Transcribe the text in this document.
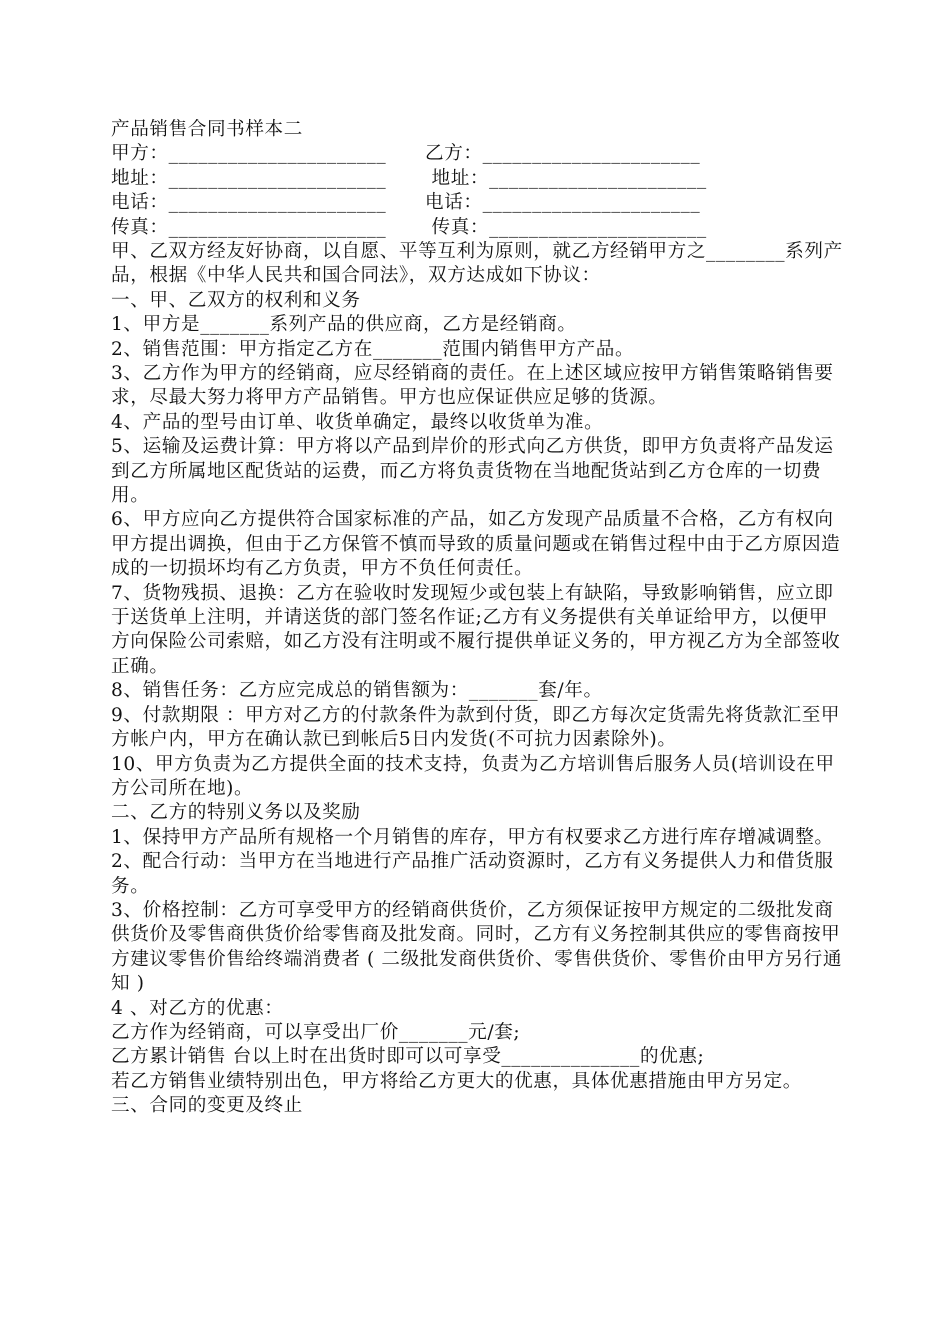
产品销售合同书样本二

甲方：______________________ 乙方：______________________
地址：______________________ 地址：______________________
电话：______________________ 电话：______________________
传真：______________________ 传真：______________________

甲、乙双方经友好协商，以自愿、平等互利为原则，就乙方经销甲方之________系列产品，根据《中华人民共和国合同法》，双方达成如下协议：

一、甲、乙双方的权利和义务

1、甲方是_______系列产品的供应商，乙方是经销商。

2、销售范围：甲方指定乙方在_______范围内销售甲方产品。

3、乙方作为甲方的经销商，应尽经销商的责任。在上述区域应按甲方销售策略销售要求，尽最大努力将甲方产品销售。甲方也应保证供应足够的货源。

4、产品的型号由订单、收货单确定，最终以收货单为准。

5、运输及运费计算：甲方将以产品到岸价的形式向乙方供货，即甲方负责将产品发运到乙方所属地区配货站的运费，而乙方将负责货物在当地配货站到乙方仓库的一切费用。

6、甲方应向乙方提供符合国家标准的产品，如乙方发现产品质量不合格，乙方有权向甲方提出调换，但由于乙方保管不慎而导致的质量问题或在销售过程中由于乙方原因造成的一切损坏均有乙方负责，甲方不负任何责任。

7、货物残损、退换：乙方在验收时发现短少或包装上有缺陷，导致影响销售，应立即于送货单上注明，并请送货的部门签名作证;乙方有义务提供有关单证给甲方，以便甲方向保险公司索赔，如乙方没有注明或不履行提供单证义务的，甲方视乙方为全部签收正确。

8、销售任务：乙方应完成总的销售额为：_______套/年。

9、付款期限 ：甲方对乙方的付款条件为款到付货，即乙方每次定货需先将货款汇至甲方帐户内，甲方在确认款已到帐后5日内发货(不可抗力因素除外)。

10、甲方负责为乙方提供全面的技术支持，负责为乙方培训售后服务人员(培训设在甲方公司所在地)。

二、乙方的特别义务以及奖励

1、保持甲方产品所有规格一个月销售的库存，甲方有权要求乙方进行库存增减调整。

2、配合行动：当甲方在当地进行产品推广活动资源时，乙方有义务提供人力和借货服务。

3、价格控制：乙方可享受甲方的经销商供货价，乙方须保证按甲方规定的二级批发商供货价及零售商供货价给零售商及批发商。同时，乙方有义务控制其供应的零售商按甲方建议零售价售给终端消费者 ( 二级批发商供货价、零售供货价、零售价由甲方另行通知 )

4 、对乙方的优惠：

乙方作为经销商，可以享受出厂价_______元/套;

乙方累计销售 台以上时在出货时即可以可享受______________的优惠;

若乙方销售业绩特别出色，甲方将给乙方更大的优惠，具体优惠措施由甲方另定。

三、合同的变更及终止
